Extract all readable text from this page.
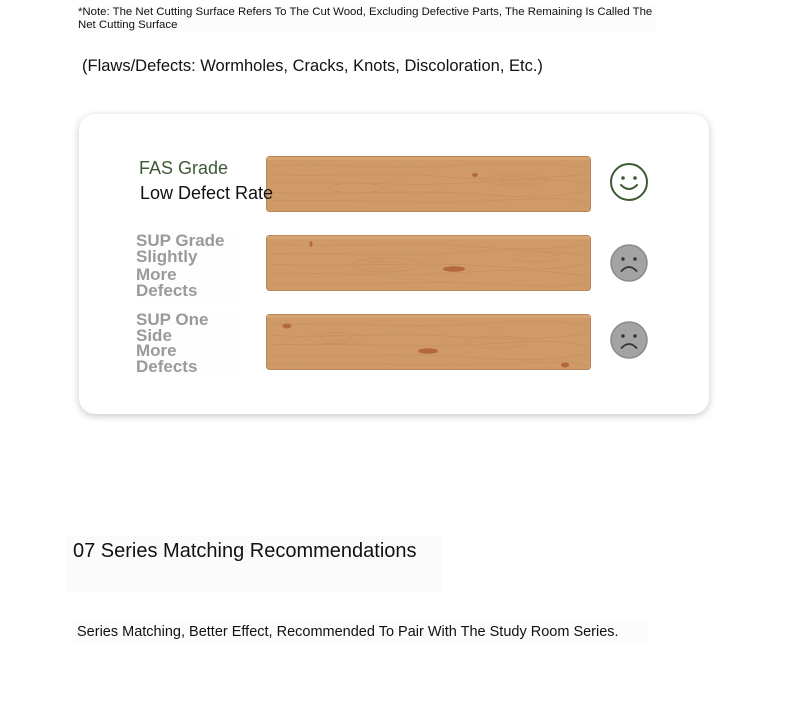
*Note: The Net Cutting Surface Refers To The Cut Wood, Excluding Defective Parts, The Remaining Is Called The Net Cutting Surface
(Flaws/Defects: Wormholes, Cracks, Knots, Discoloration, Etc.)
FAS Grade
Low Defect Rate
SUP Grade
Slightly
More
Defects
SUP One
Side
More
Defects
07 Series Matching Recommendations
Series Matching, Better Effect, Recommended To Pair With The Study Room Series.
